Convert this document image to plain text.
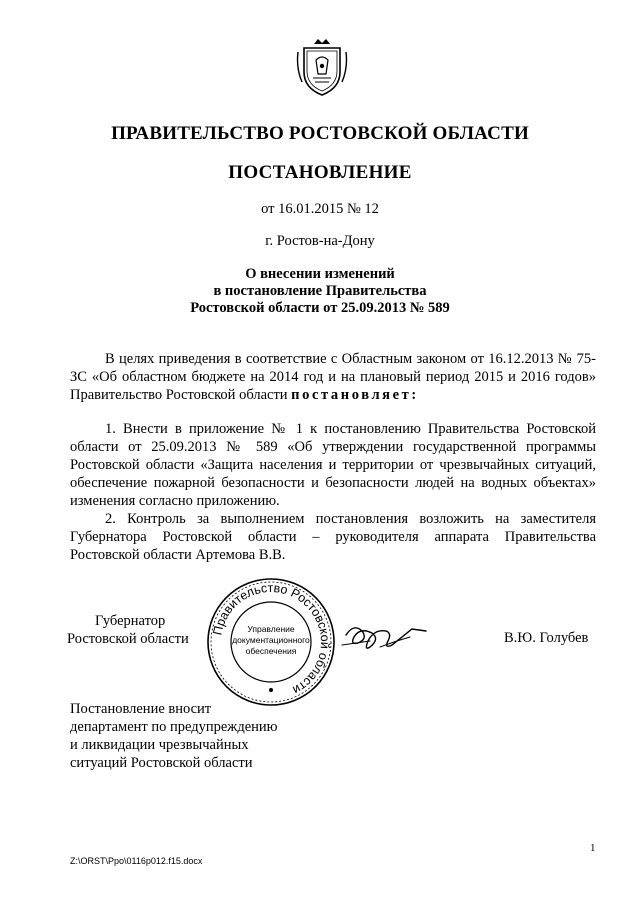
ПРАВИТЕЛЬСТВО РОСТОВСКОЙ ОБЛАСТИ
ПОСТАНОВЛЕНИЕ
от 16.01.2015 № 12
г. Ростов-на-Дону
О внесении изменений
в постановление Правительства
Ростовской области от 25.09.2013 № 589

В целях приведения в соответствие с Областным законом от 16.12.2013 № 75-ЗС «Об областном бюджете на 2014 год и на плановый период 2015 и 2016 годов» Правительство Ростовской области постановляет:

1. Внести в приложение № 1 к постановлению Правительства Ростовской области от 25.09.2013 № 589 «Об утверждении государственной программы Ростовской области «Защита населения и территории от чрезвычайных ситуаций, обеспечение пожарной безопасности и безопасности людей на водных объектах» изменения согласно приложению.

2. Контроль за выполнением постановления возложить на заместителя Губернатора Ростовской области – руководителя аппарата Правительства Ростовской области Артемова В.В.

Губернатор
Ростовской области
Правительство Ростовской области
Управление
документационного
обеспечения
В.Ю. Голубев
Постановление вносит
департамент по предупреждению
и ликвидации чрезвычайных
ситуаций Ростовской области
1
Z:\ORST\Ppo\0116p012.f15.docx
